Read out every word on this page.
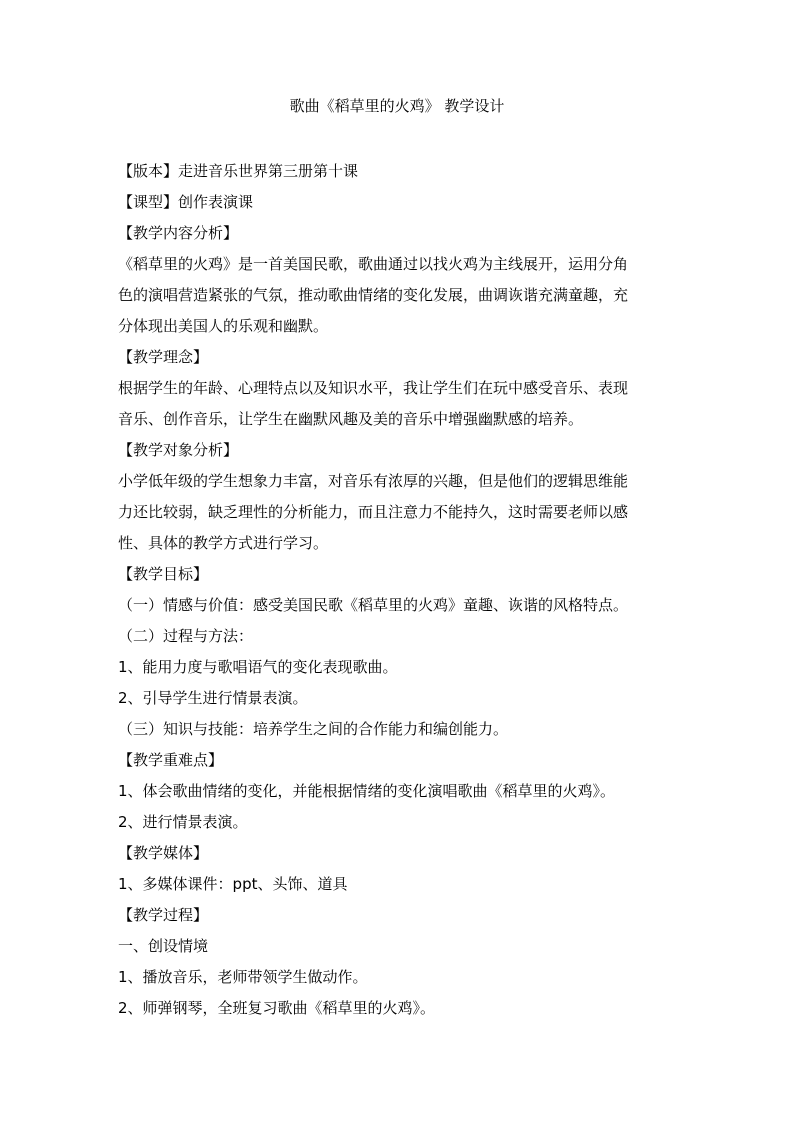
歌曲《稻草里的火鸡》 教学设计
【版本】走进音乐世界第三册第十课
【课型】创作表演课
【教学内容分析】
《稻草里的火鸡》是一首美国民歌，歌曲通过以找火鸡为主线展开，运用分角
色的演唱营造紧张的气氛，推动歌曲情绪的变化发展，曲调诙谐充满童趣，充
分体现出美国人的乐观和幽默。
【教学理念】
根据学生的年龄、心理特点以及知识水平，我让学生们在玩中感受音乐、表现
音乐、创作音乐，让学生在幽默风趣及美的音乐中增强幽默感的培养。
【教学对象分析】
小学低年级的学生想象力丰富，对音乐有浓厚的兴趣，但是他们的逻辑思维能
力还比较弱，缺乏理性的分析能力，而且注意力不能持久，这时需要老师以感
性、具体的教学方式进行学习。
【教学目标】
（一）情感与价值：感受美国民歌《稻草里的火鸡》童趣、诙谐的风格特点。
（二）过程与方法：
1、能用力度与歌唱语气的变化表现歌曲。
2、引导学生进行情景表演。
（三）知识与技能：培养学生之间的合作能力和编创能力。
【教学重难点】
1、体会歌曲情绪的变化，并能根据情绪的变化演唱歌曲《稻草里的火鸡》。
2、进行情景表演。
【教学媒体】
1、多媒体课件：ppt、头饰、道具
【教学过程】
一、创设情境
1、播放音乐，老师带领学生做动作。
2、师弹钢琴，全班复习歌曲《稻草里的火鸡》。
